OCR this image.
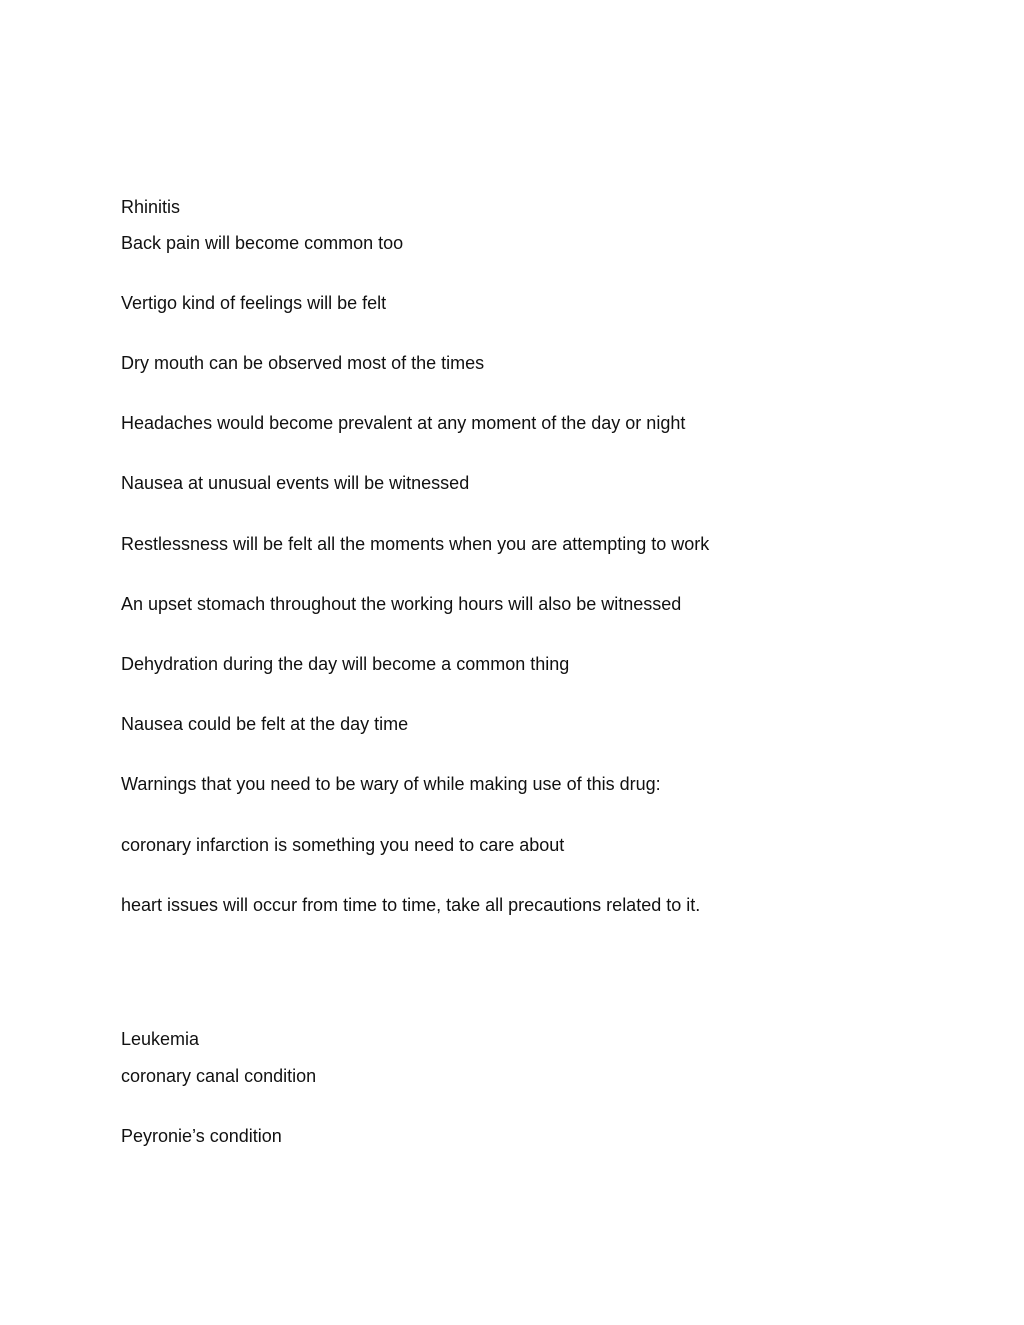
Rhinitis

Back pain will become common too

Vertigo kind of feelings will be felt

Dry mouth can be observed most of the times

Headaches would become prevalent at any moment of the day or night

Nausea at unusual events will be witnessed

Restlessness will be felt all the moments when you are attempting to work

An upset stomach throughout the working hours will also be witnessed

Dehydration during the day will become a common thing

Nausea could be felt at the day time

Warnings that you need to be wary of while making use of this drug:

coronary infarction is something you need to care about

heart issues will occur from time to time, take all precautions related to it.

Leukemia

coronary canal condition

Peyronie’s condition
